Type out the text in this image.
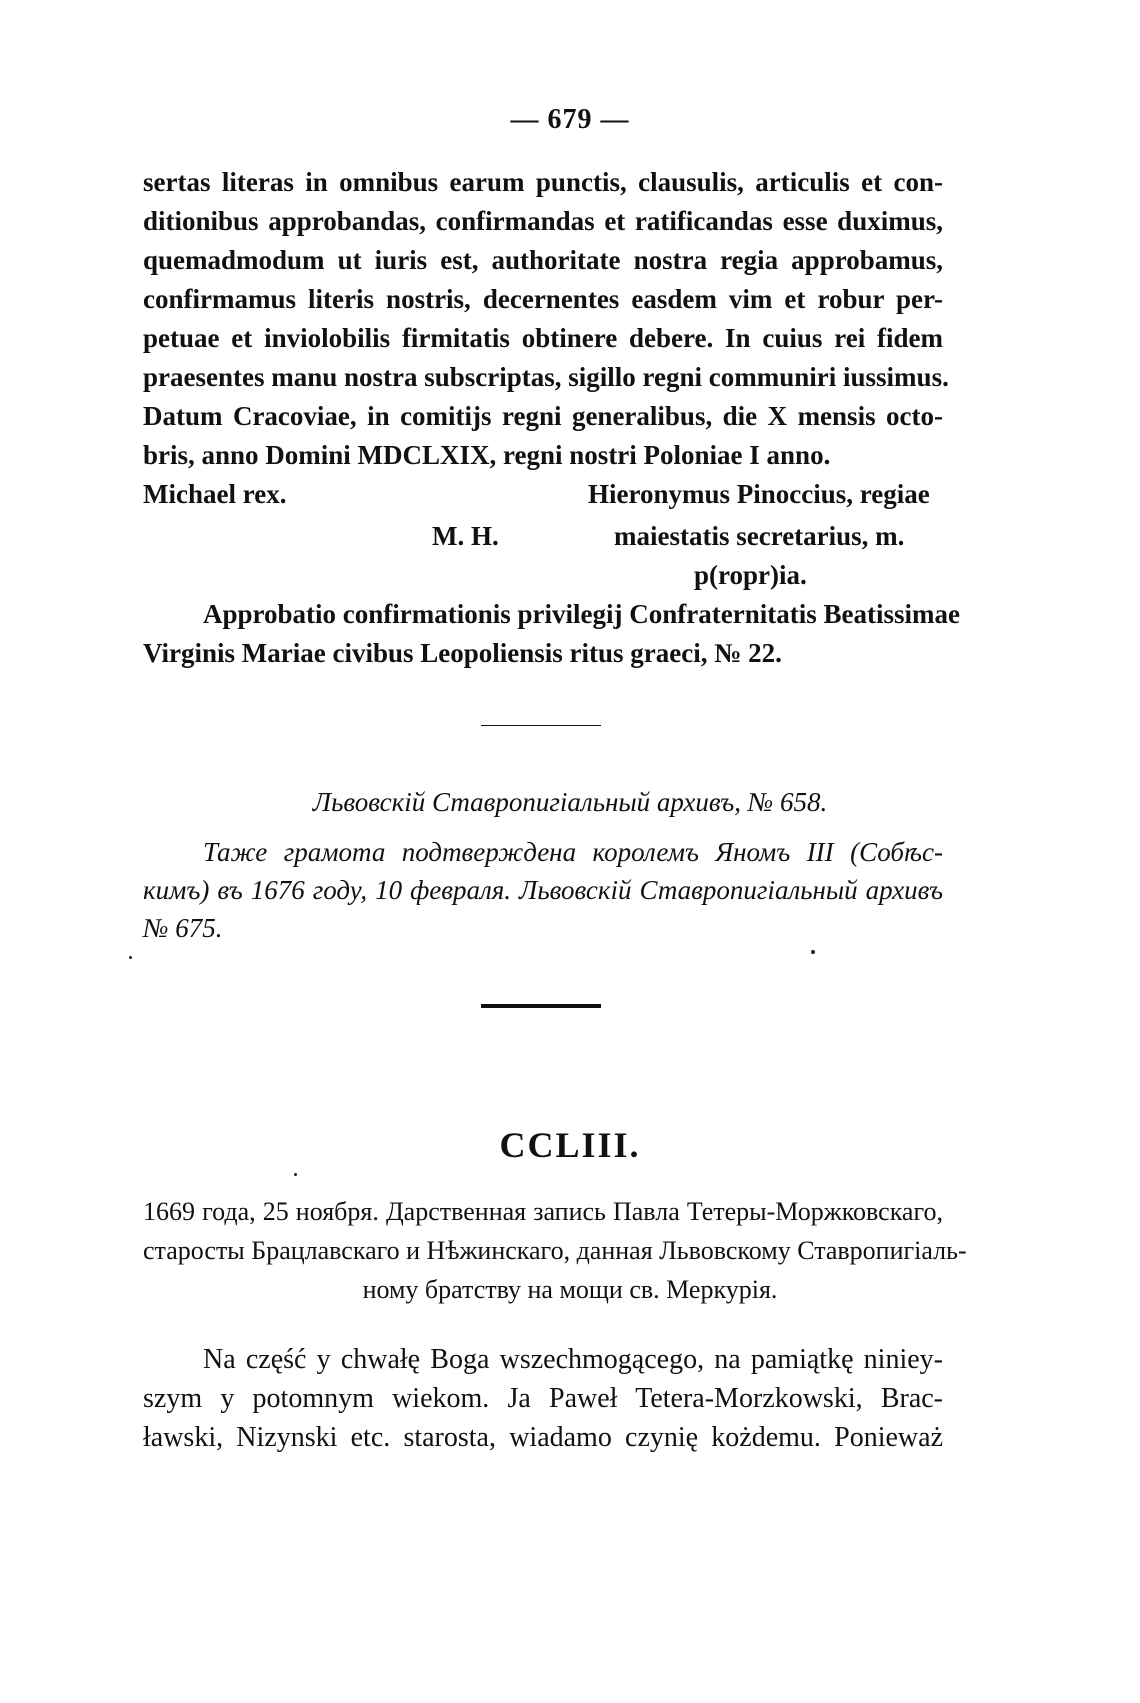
— 679 —
sertas literas in omnibus earum punctis, clausulis, articulis et con-
ditionibus approbandas, confirmandas et ratificandas esse duximus,
quemadmodum ut iuris est, authoritate nostra regia approbamus,
confirmamus literis nostris, decernentes easdem vim et robur per-
petuae et inviolobilis firmitatis obtinere debere. In cuius rei fidem
praesentes manu nostra subscriptas, sigillo regni communiri iussimus.
Datum Cracoviae, in comitijs regni generalibus, die X mensis octo-
bris, anno Domini MDCLXIX, regni nostri Poloniae I anno.
Michael rex.	Hieronymus Pinoccius, regiae
M. H.	maiestatis secretarius, m.
p(ropr)ia.
Approbatio confirmationis privilegij Confraternitatis Beatissimae
Virginis Mariae civibus Leopoliensis ritus graeci, № 22.
Львовскій Ставропигіальный архивъ, № 658.
Таже грамота подтверждена королемъ Яномъ III (Собѣс-
кимъ) въ 1676 году, 10 февраля. Львовскій Ставропигіальный архивъ
№ 675.
CCLIII.
1669 года, 25 ноября. Дарственная запись Павла Тетеры-Моржковскаго,
старосты Брацлавскаго и Нѣжинскаго, данная Львовскому Ставропигіаль-
ному братству на мощи св. Меркурія.
Na część y chwałę Boga wszechmogącego, na pamiątkę niniey-
szym y potomnym wiekom. Ja Paweł Tetera-Morzkowski, Brac-
ławski, Nizynski etc. starosta, wiadamo czynię kożdemu. Ponieważ
